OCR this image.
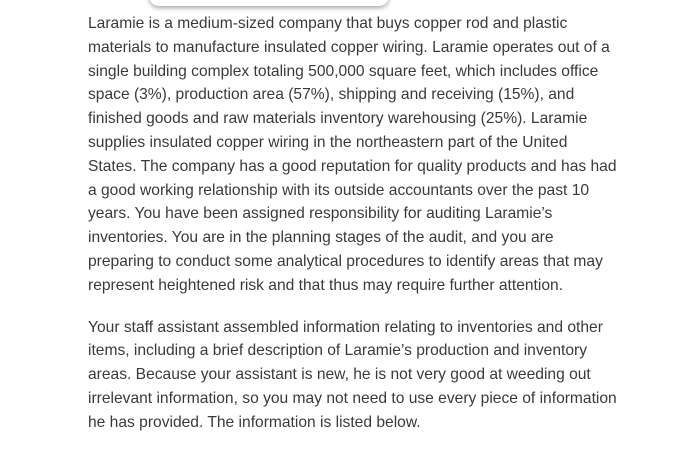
Laramie is a medium-sized company that buys copper rod and plastic
materials to manufacture insulated copper wiring. Laramie operates out of a
single building complex totaling 500,000 square feet, which includes office
space (3%), production area (57%), shipping and receiving (15%), and
finished goods and raw materials inventory warehousing (25%). Laramie
supplies insulated copper wiring in the northeastern part of the United
States. The company has a good reputation for quality products and has had
a good working relationship with its outside accountants over the past 10
years. You have been assigned responsibility for auditing Laramie’s
inventories. You are in the planning stages of the audit, and you are
preparing to conduct some analytical procedures to identify areas that may
represent heightened risk and that thus may require further attention.

Your staff assistant assembled information relating to inventories and other
items, including a brief description of Laramie’s production and inventory
areas. Because your assistant is new, he is not very good at weeding out
irrelevant information, so you may not need to use every piece of information
he has provided. The information is listed below.
